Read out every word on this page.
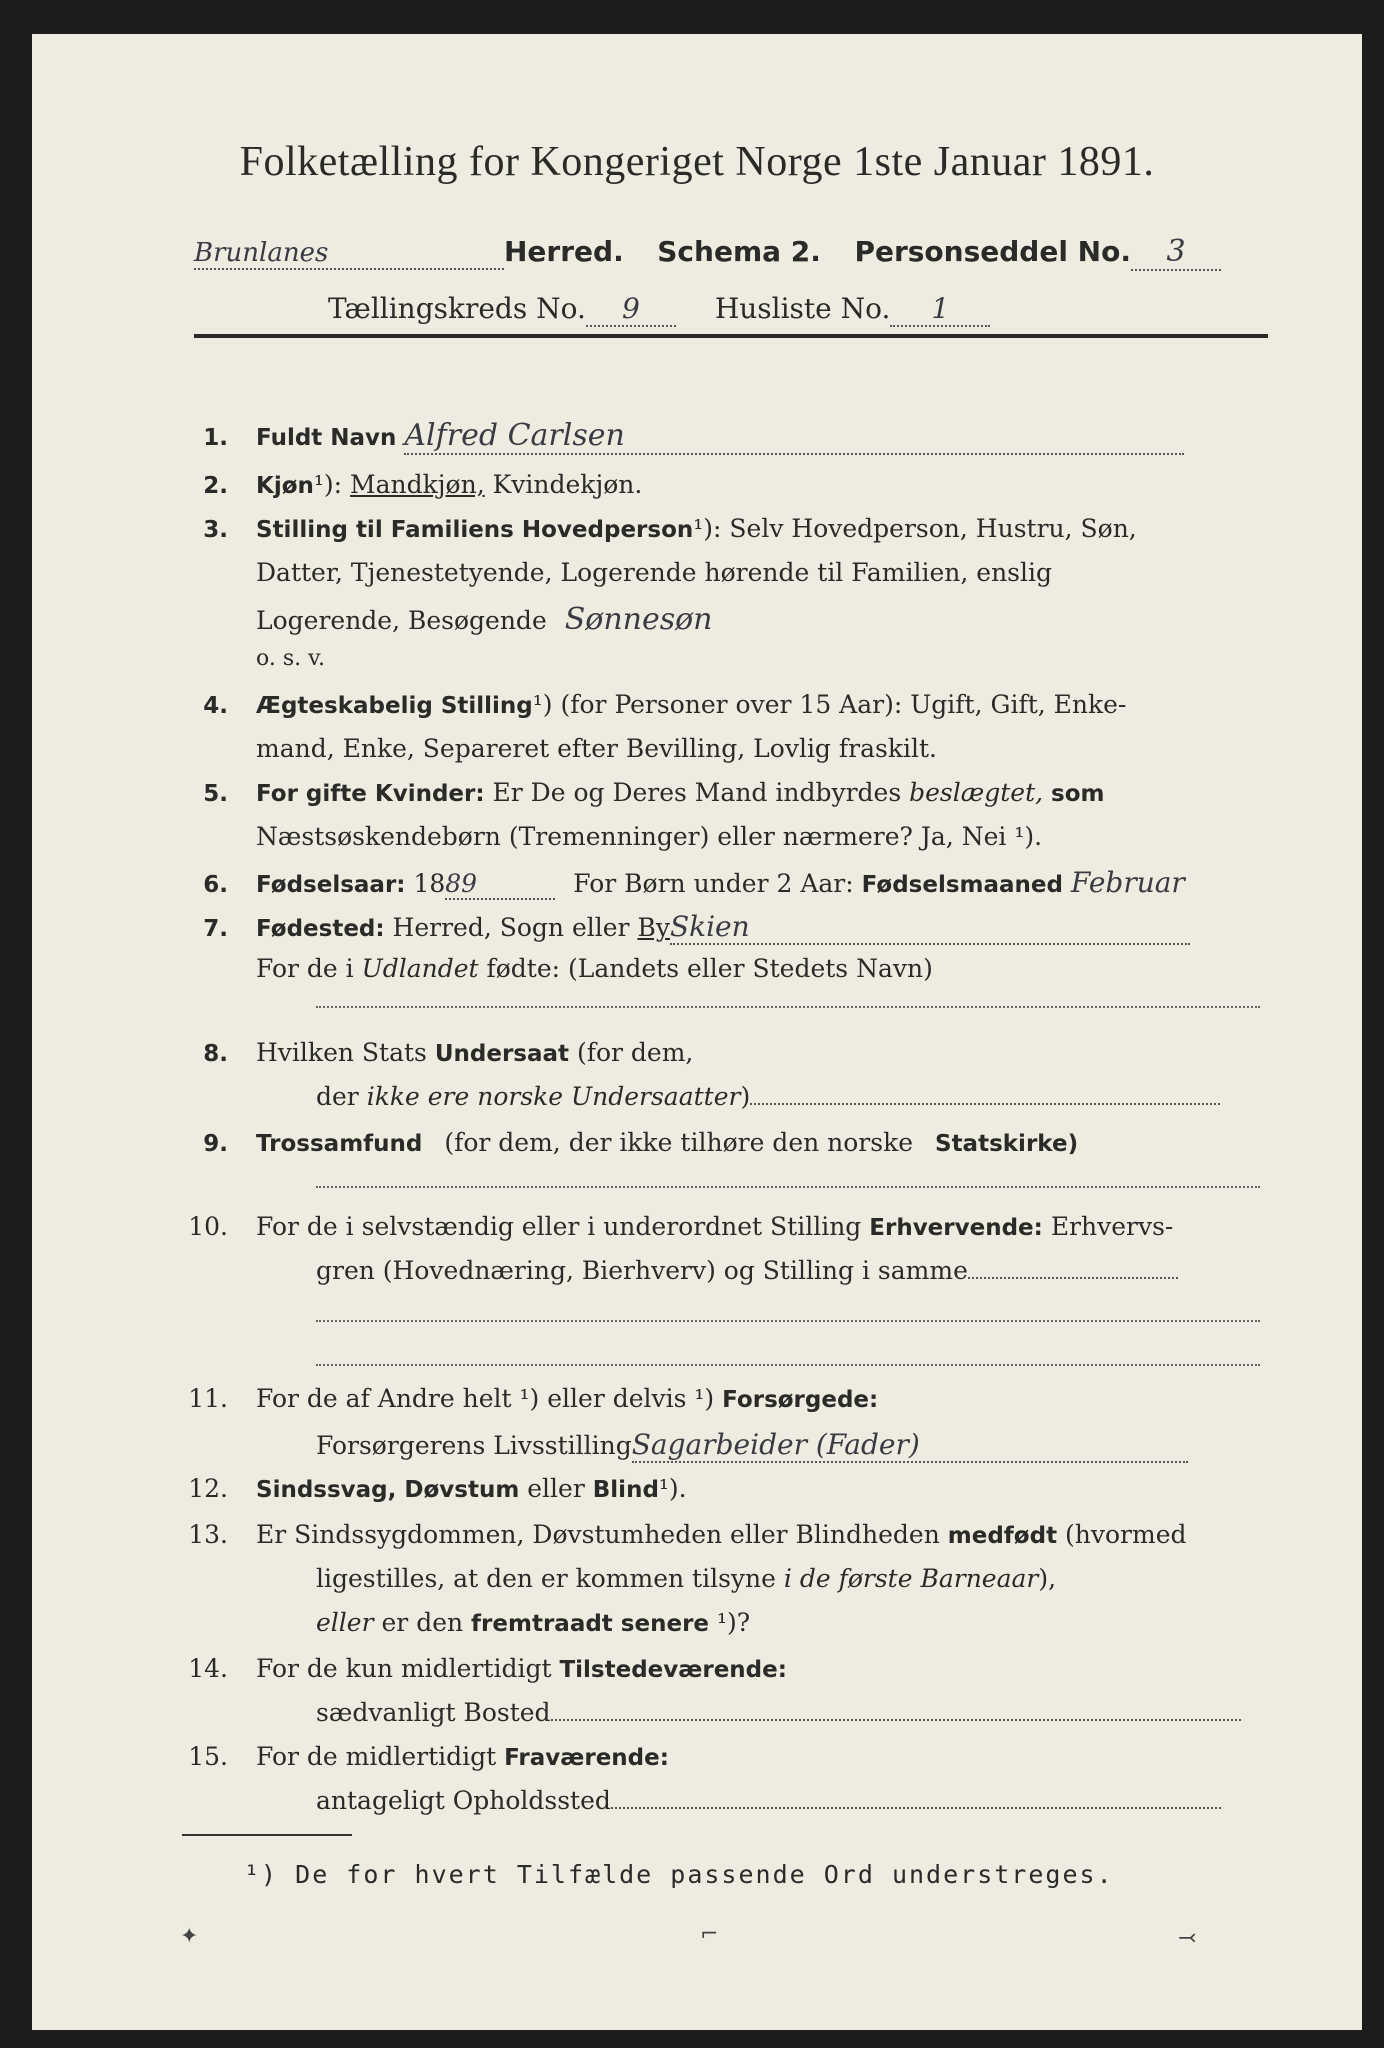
Folketælling for Kongeriget Norge 1ste Januar 1891.
Brunlanes	Herred. Schema 2. Personseddel No. 3
Tællingskreds No. 9	Husliste No. 1
1. Fuldt Navn Alfred Carlsen
2. Kjøn¹): Mandkjøn, Kvindekjøn.
3. Stilling til Familiens Hovedperson¹): Selv Hovedperson, Hustru, Søn,
Datter, Tjenestetyende, Logerende hørende til Familien, enslig
Logerende, Besøgende Sønnesøn
o. s. v.
4. Ægteskabelig Stilling¹) (for Personer over 15 Aar): Ugift, Gift, Enke-
mand, Enke, Separeret efter Bevilling, Lovlig fraskilt.
5. For gifte Kvinder: Er De og Deres Mand indbyrdes beslægtet, som
Næstsøskendebørn (Tremenninger) eller nærmere? Ja, Nei ¹).
6. Fødselsaar: 1889	For Børn under 2 Aar: Fødselsmaaned Februar
7. Fødested: Herred, Sogn eller BySkien
For de i Udlandet fødte: (Landets eller Stedets Navn)
8. Hvilken Stats Undersaat (for dem,
der ikke ere norske Undersaatter)
9. Trossamfund (for dem, der ikke tilhøre den norske Statskirke)
10. For de i selvstændig eller i underordnet Stilling Erhvervende: Erhvervs-
gren (Hovednæring, Bierhverv) og Stilling i samme
11. For de af Andre helt ¹) eller delvis ¹) Forsørgede:
Forsørgerens LivsstillingSagarbeider (Fader)
12. Sindssvag, Døvstum eller Blind¹).
13. Er Sindssygdommen, Døvstumheden eller Blindheden medfødt (hvormed
ligestilles, at den er kommen tilsyne i de første Barneaar),
eller er den fremtraadt senere ¹)?
14. For de kun midlertidigt Tilstedeværende:
sædvanligt Bosted
15. For de midlertidigt Fraværende:
antageligt Opholdssted
¹) De for hvert Tilfælde passende Ord understreges.
✦	⌐	⤙
